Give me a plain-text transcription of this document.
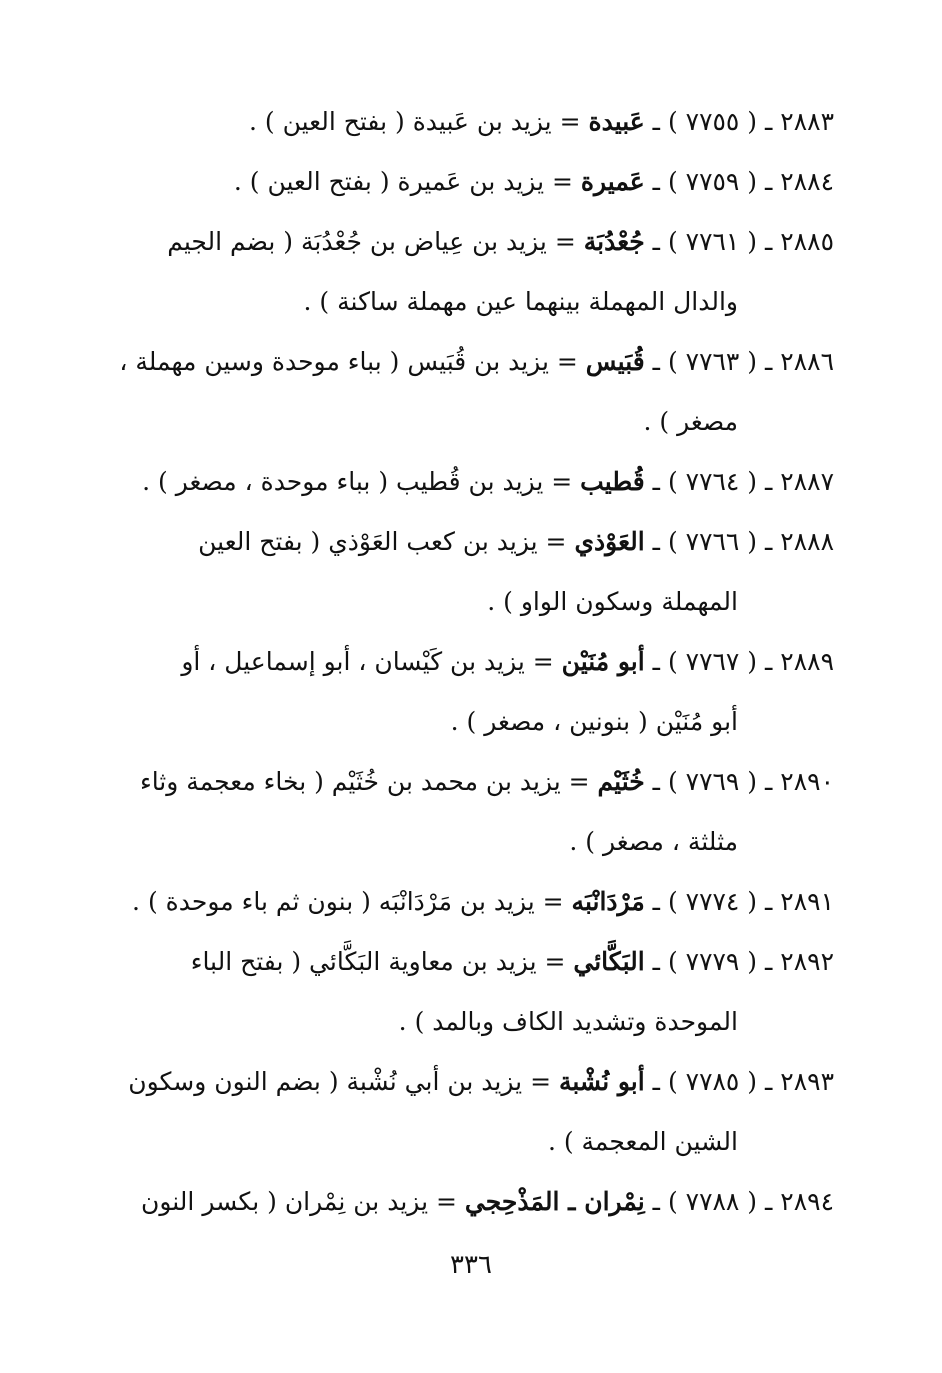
٢٨٨٣ ـ ( ٧٧٥٥ ) ـ عَبيدة = يزيد بن عَبيدة ( بفتح العين ) .
٢٨٨٤ ـ ( ٧٧٥٩ ) ـ عَميرة = يزيد بن عَميرة ( بفتح العين ) .
٢٨٨٥ ـ ( ٧٧٦١ ) ـ جُعْدُبَة = يزيد بن عِياض بن جُعْدُبَة ( بضم الجيم
والدال المهملة بينهما عين مهملة ساكنة ) .
٢٨٨٦ ـ ( ٧٧٦٣ ) ـ قُبَيس = يزيد بن قُبَيس ( بباء موحدة وسين مهملة ،
مصغر ) .
٢٨٨٧ ـ ( ٧٧٦٤ ) ـ قُطيب = يزيد بن قُطيب ( بباء موحدة ، مصغر ) .
٢٨٨٨ ـ ( ٧٧٦٦ ) ـ العَوْذي = يزيد بن كعب العَوْذي ( بفتح العين
المهملة وسكون الواو ) .
٢٨٨٩ ـ ( ٧٧٦٧ ) ـ أبو مُنَيْن = يزيد بن كَيْسان ، أبو إسماعيل ، أو
أبو مُنَيْن ( بنونين ، مصغر ) .
٢٨٩٠ ـ ( ٧٧٦٩ ) ـ خُثَيْم = يزيد بن محمد بن خُثَيْم ( بخاء معجمة وثاء
مثلثة ، مصغر ) .
٢٨٩١ ـ ( ٧٧٧٤ ) ـ مَرْدَانْبَه = يزيد بن مَرْدَانْبَه ( بنون ثم باء موحدة ) .
٢٨٩٢ ـ ( ٧٧٧٩ ) ـ البَكَّائي = يزيد بن معاوية البَكَّائي ( بفتح الباء
الموحدة وتشديد الكاف وبالمد ) .
٢٨٩٣ ـ ( ٧٧٨٥ ) ـ أبو نُشْبة = يزيد بن أبي نُشْبة ( بضم النون وسكون
الشين المعجمة ) .
٢٨٩٤ ـ ( ٧٧٨٨ ) ـ نِمْران ـ المَذْحِجي = يزيد بن نِمْران ( بكسر النون
٣٣٦
